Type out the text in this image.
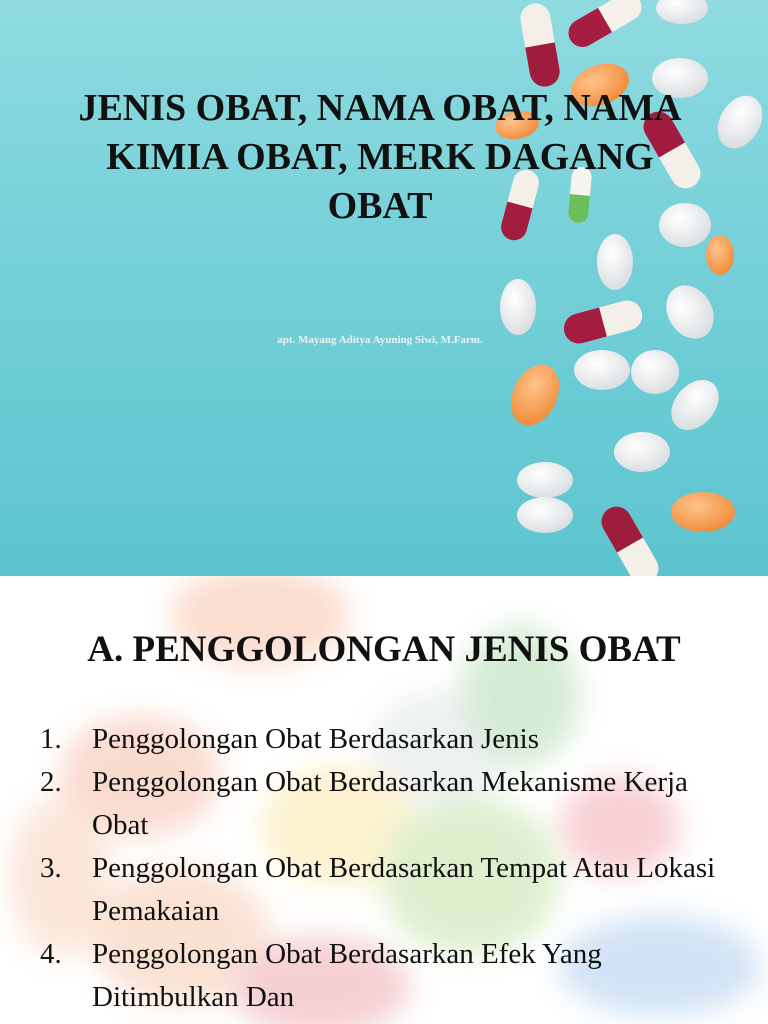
JENIS OBAT, NAMA OBAT, NAMA KIMIA OBAT, MERK DAGANG OBAT
apt. Mayang Aditya Ayuning Siwi, M.Farm.
A. PENGGOLONGAN JENIS OBAT
1.	Penggolongan Obat Berdasarkan Jenis
2.	Penggolongan Obat Berdasarkan Mekanisme Kerja Obat
3.	Penggolongan Obat Berdasarkan Tempat Atau Lokasi Pemakaian
4.	Penggolongan Obat Berdasarkan Efek Yang Ditimbulkan Dan
